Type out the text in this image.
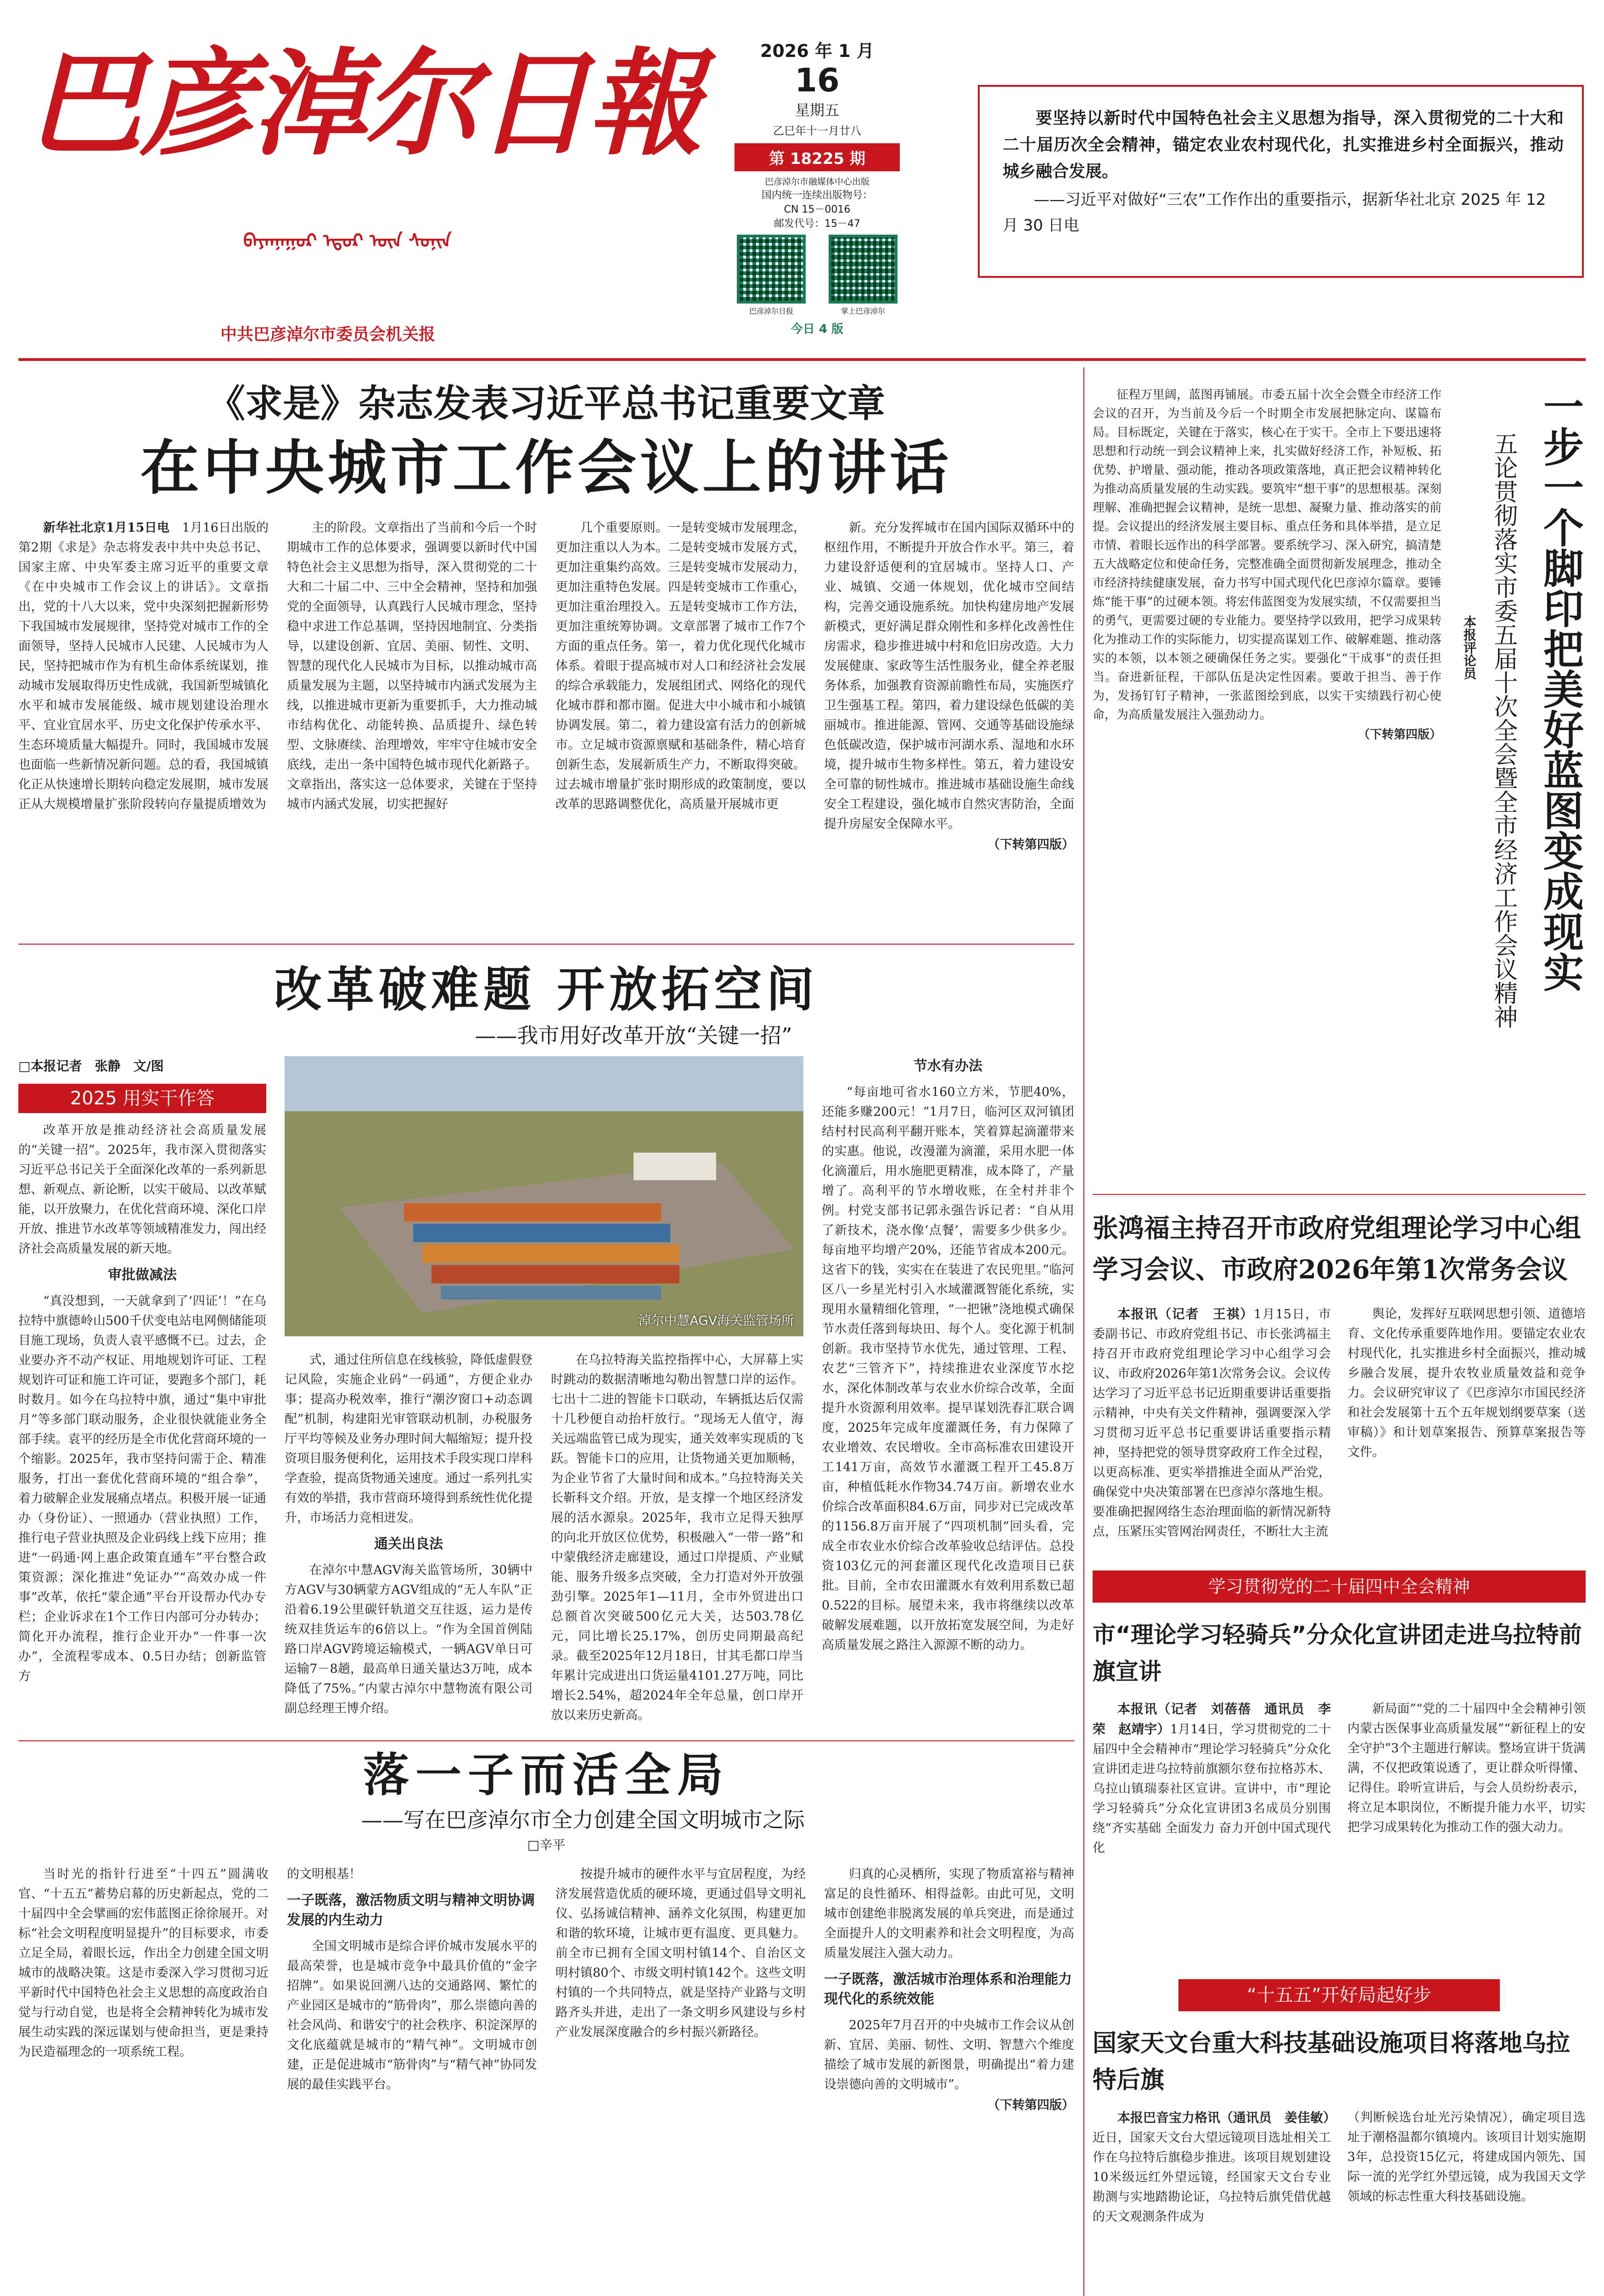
巴彦淖尔日報
ᠪᠠᠶᠠᠨᠨᠠᠭᠤᠷ ᠡᠳᠦᠷ ᠦᠨ ᠰᠣᠨᠢᠨ
中共巴彦淖尔市委员会机关报
2026 年 1 月
16
星期五
乙巳年十一月廿八
第 18225 期
巴彦淖尔市融媒体中心出版
国内统一连续出版物号：
CN 15－0016
邮发代号：15－47
巴彦淖尔日报	掌上巴彦淖尔
今日 4 版
要坚持以新时代中国特色社会主义思想为指导，深入贯彻党的二十大和二十届历次全会精神，锚定农业农村现代化，扎实推进乡村全面振兴，推动城乡融合发展。
——习近平对做好“三农”工作作出的重要指示，据新华社北京 2025 年 12 月 30 日电
《求是》杂志发表习近平总书记重要文章
在中央城市工作会议上的讲话

新华社北京1月15日电　 1月16日出版的第2期《求是》杂志将发表中共中央总书记、国家主席、中央军委主席习近平的重要文章《在中央城市工作会议上的讲话》。文章指出，党的十八大以来，党中央深刻把握新形势下我国城市发展规律，坚持党对城市工作的全面领导，坚持人民城市人民建、人民城市为人民，坚持把城市作为有机生命体系统谋划，推动城市发展取得历史性成就，我国新型城镇化水平和城市发展能级、城市规划建设治理水平、宜业宜居水平、历史文化保护传承水平、生态环境质量大幅提升。同时，我国城市发展也面临一些新情况新问题。总的看，我国城镇化正从快速增长期转向稳定发展期，城市发展正从大规模增量扩张阶段转向存量提质增效为

主的阶段。文章指出了当前和今后一个时期城市工作的总体要求，强调要以新时代中国特色社会主义思想为指导，深入贯彻党的二十大和二十届二中、三中全会精神，坚持和加强党的全面领导，认真践行人民城市理念，坚持稳中求进工作总基调，坚持因地制宜、分类指导，以建设创新、宜居、美丽、韧性、文明、智慧的现代化人民城市为目标，以推动城市高质量发展为主题，以坚持城市内涵式发展为主线，以推进城市更新为重要抓手，大力推动城市结构优化、动能转换、品质提升、绿色转型、文脉赓续、治理增效，牢牢守住城市安全底线，走出一条中国特色城市现代化新路子。文章指出，落实这一总体要求，关键在于坚持城市内涵式发展，切实把握好

几个重要原则。一是转变城市发展理念，更加注重以人为本。二是转变城市发展方式，更加注重集约高效。三是转变城市发展动力，更加注重特色发展。四是转变城市工作重心，更加注重治理投入。五是转变城市工作方法，更加注重统筹协调。文章部署了城市工作7个方面的重点任务。第一，着力优化现代化城市体系。着眼于提高城市对人口和经济社会发展的综合承载能力，发展组团式、网络化的现代化城市群和都市圈。促进大中小城市和小城镇协调发展。第二，着力建设富有活力的创新城市。立足城市资源禀赋和基础条件，精心培育创新生态，发展新质生产力，不断取得突破。过去城市增量扩张时期形成的政策制度，要以改革的思路调整优化，高质量开展城市更

新。充分发挥城市在国内国际双循环中的枢纽作用，不断提升开放合作水平。第三，着力建设舒适便利的宜居城市。坚持人口、产业、城镇、交通一体规划，优化城市空间结构，完善交通设施系统。加快构建房地产发展新模式，更好满足群众刚性和多样化改善性住房需求，稳步推进城中村和危旧房改造。大力发展健康、家政等生活性服务业，健全养老服务体系，加强教育资源前瞻性布局，实施医疗卫生强基工程。第四，着力建设绿色低碳的美丽城市。推进能源、管网、交通等基础设施绿色低碳改造，保护城市河湖水系、湿地和水环境，提升城市生物多样性。第五，着力建设安全可靠的韧性城市。推进城市基础设施生命线安全工程建设，强化城市自然灾害防治，全面提升房屋安全保障水平。

（下转第四版）
改革破难题 开放拓空间
——我市用好改革开放“关键一招”
□本报记者　张静　文/图
2025 用实干作答
淖尔中慧AGV海关监管场所

改革开放是推动经济社会高质量发展的“关键一招”。2025年，我市深入贯彻落实习近平总书记关于全面深化改革的一系列新思想、新观点、新论断，以实干破局、以改革赋能，以开放聚力，在优化营商环境、深化口岸开放、推进节水改革等领域精准发力，闯出经济社会高质量发展的新天地。

审批做减法

“真没想到，一天就拿到了‘四证’！”在乌拉特中旗德岭山500千伏变电站电网侧储能项目施工现场，负责人袁平感慨不已。过去，企业要办齐不动产权证、用地规划许可证、工程规划许可证和施工许可证，要跑多个部门，耗时数月。如今在乌拉特中旗，通过“集中审批月”等多部门联动服务，企业很快就能业务全部手续。袁平的经历是全市优化营商环境的一个缩影。2025年，我市坚持问需于企、精准服务，打出一套优化营商环境的“组合拳”，着力破解企业发展痛点堵点。积极开展一证通办（身份证）、一照通办（营业执照）工作，推行电子营业执照及企业码线上线下应用；推进“一码通·网上惠企政策直通车”平台整合政策资源；深化推进“免证办”“高效办成一件事”改革，依托“蒙企通”平台开设帮办代办专栏；企业诉求在1个工作日内部可分办转办；简化开办流程，推行企业开办“一件事一次办”，全流程零成本、0.5日办结；创新监管方

式，通过住所信息在线核验，降低虚假登记风险，实施企业码“一码通”，方便企业办事；提高办税效率，推行“潮汐窗口+动态调配”机制，构建阳光审管联动机制，办税服务厅平均等候及业务办理时间大幅缩短；提升投资项目服务便利化，运用技术手段实现口岸科学查验，提高货物通关速度。通过一系列扎实有效的举措，我市营商环境得到系统性优化提升，市场活力竞相迸发。

通关出良法

在淖尔中慧AGV海关监管场所，30辆中方AGV与30辆蒙方AGV组成的“无人车队”正沿着6.19公里碳钎轨道交互往返，运力是传统双挂货运车的6倍以上。“作为全国首例陆路口岸AGV跨境运输模式，一辆AGV单日可运输7－8趟，最高单日通关量达3万吨，成本降低了75%。”内蒙古淖尔中慧物流有限公司副总经理王博介绍。

在乌拉特海关监控指挥中心，大屏幕上实时跳动的数据清晰地勾勒出智慧口岸的运作。七出十二进的智能卡口联动，车辆抵达后仅需十几秒便自动抬杆放行。“现场无人值守，海关远端监管已成为现实，通关效率实现质的飞跃。智能卡口的应用，让货物通关更加顺畅，为企业节省了大量时间和成本。”乌拉特海关关长靳科文介绍。开放，是支撑一个地区经济发展的活水源泉。2025年，我市立足得天独厚的向北开放区位优势，积极融入“一带一路”和中蒙俄经济走廊建设，通过口岸提质、产业赋能、服务升级多点突破，全力打造对外开放强劲引擎。2025年1—11月，全市外贸进出口总额首次突破500亿元大关，达503.78亿元，同比增长25.17%，创历史同期最高纪录。截至2025年12月18日，甘其毛都口岸当年累计完成进出口货运量4101.27万吨，同比增长2.54%，超2024年全年总量，创口岸开放以来历史新高。

节水有办法

“每亩地可省水160立方米，节肥40%，还能多赚200元！”1月7日，临河区双河镇团结村村民高利平翻开账本，笑着算起滴灌带来的实惠。他说，改漫灌为滴灌，采用水肥一体化滴灌后，用水施肥更精准，成本降了，产量增了。高利平的节水增收账，在全村并非个例。村党支部书记郭永强告诉记者：“自从用了新技术，浇水像‘点餐’，需要多少供多少。每亩地平均增产20%，还能节省成本200元。这省下的钱，实实在在装进了农民兜里。”临河区八一乡星光村引入水域灌溉智能化系统，实现用水量精细化管理，“一把锹”浇地模式确保节水责任落到每块田、每个人。变化源于机制创新。我市坚持节水优先，通过管理、工程、农艺“三管齐下”，持续推进农业深度节水挖水，深化体制改革与农业水价综合改革，全面提升水资源利用效率。提早谋划洗春汇联合调度，2025年完成年度灌溉任务，有力保障了农业增效、农民增收。全市高标准农田建设开工141万亩，高效节水灌溉工程开工45.8万亩，种植低耗水作物34.74万亩。新增农业水价综合改革面积84.6万亩，同步对已完成改革的1156.8万亩开展了“四项机制”回头看，完成全市农业水价综合改革验收总结评估。总投资103亿元的河套灌区现代化改造项目已获批。目前，全市农田灌溉水有效利用系数已超0.522的目标。展望未来，我市将继续以改革破解发展难题，以开放拓宽发展空间，为走好高质量发展之路注入源源不断的动力。

落一子而活全局
——写在巴彦淖尔市全力创建全国文明城市之际
□辛平

当时光的指针行进至“十四五”圆满收官、“十五五”蓄势启幕的历史新起点，党的二十届四中全会擘画的宏伟蓝图正徐徐展开。对标“社会文明程度明显提升”的目标要求，市委立足全局，着眼长远，作出全力创建全国文明城市的战略决策。这是市委深入学习贯彻习近平新时代中国特色社会主义思想的高度政治自觉与行动自觉，也是将全会精神转化为城市发展生动实践的深远谋划与使命担当，更是秉持为民造福理念的一项系统工程。

的文明根基！

一子既落，激活物质文明与精神文明协调发展的内生动力

全国文明城市是综合评价城市发展水平的最高荣誉，也是城市竞争中最具价值的“金字招牌”。如果说回溯八达的交通路网、繁忙的产业园区是城市的“筋骨肉”，那么崇德向善的社会风尚、和谐安宁的社会秩序、积淀深厚的文化底蕴就是城市的“精气神”。文明城市创建，正是促进城市“筋骨肉”与“精气神”协同发展的最佳实践平台。

按提升城市的硬件水平与宜居程度，为经济发展营造优质的硬环境，更通过倡导文明礼仪、弘扬诚信精神、涵养文化氛围，构建更加和谐的软环境，让城市更有温度、更具魅力。前全市已拥有全国文明村镇14个、自治区文明村镇80个、市级文明村镇142个。这些文明村镇的一个共同特点，就是坚持产业路与文明路齐头并进，走出了一条文明乡风建设与乡村产业发展深度融合的乡村振兴新路径。

归真的心灵栖所，实现了物质富裕与精神富足的良性循环、相得益彰。由此可见，文明城市创建绝非脱离发展的单兵突进，而是通过全面提升人的文明素养和社会文明程度，为高质量发展注入强大动力。

一子既落，激活城市治理体系和治理能力现代化的系统效能

2025年7月召开的中央城市工作会议从创新、宜居、美丽、韧性、文明、智慧六个维度描绘了城市发展的新图景，明确提出“着力建设崇德向善的文明城市”。

（下转第四版）

征程万里阔，蓝图再铺展。市委五届十次全会暨全市经济工作会议的召开，为当前及今后一个时期全市发展把脉定向、谋篇布局。目标既定，关键在于落实，核心在于实干。全市上下要迅速将思想和行动统一到会议精神上来，扎实做好经济工作，补短板、拓优势、护增量、强动能，推动各项政策落地，真正把会议精神转化为推动高质量发展的生动实践。要筑牢“想干事”的思想根基。深刻理解、准确把握会议精神，是统一思想、凝聚力量、推动落实的前提。会议提出的经济发展主要目标、重点任务和具体举措，是立足市情、着眼长远作出的科学部署。要系统学习、深入研究，搞清楚五大战略定位和使命任务，完整准确全面贯彻新发展理念，推动全市经济持续健康发展，奋力书写中国式现代化巴彦淖尔篇章。要锤炼“能干事”的过硬本领。将宏伟蓝图变为发展实绩，不仅需要担当的勇气，更需要过硬的专业能力。要坚持学以致用，把学习成果转化为推动工作的实际能力，切实提高谋划工作、破解难题、推动落实的本领，以本领之硬确保任务之实。要强化“干成事”的责任担当。奋进新征程，干部队伍是决定性因素。要敢于担当、善于作为，发扬钉钉子精神，一张蓝图绘到底，以实干实绩践行初心使命，为高质量发展注入强劲动力。

（下转第四版） 一步一个脚印把美好蓝图变成现实
五论贯彻落实市委五届十次全会暨全市经济工作会议精神
本报评论员
张鸿福主持召开市政府党组理论学习中心组学习会议、市政府2026年第1次常务会议

本报讯（记者　王祺）1月15日，市委副书记、市政府党组书记、市长张鸿福主持召开市政府党组理论学习中心组学习会议、市政府2026年第1次常务会议。会议传达学习了习近平总书记近期重要讲话重要指示精神，中央有关文件精神，强调要深入学习贯彻习近平总书记重要讲话重要指示精神，坚持把党的领导贯穿政府工作全过程，以更高标准、更实举措推进全面从严治党，确保党中央决策部署在巴彦淖尔落地生根。要准确把握网络生态治理面临的新情况新特点，压紧压实管网治网责任，不断壮大主流

舆论，发挥好互联网思想引领、道德培育、文化传承重要阵地作用。要锚定农业农村现代化，扎实推进乡村全面振兴，推动城乡融合发展，提升农牧业质量效益和竞争力。会议研究审议了《巴彦淖尔市国民经济和社会发展第十五个五年规划纲要草案（送审稿）》和计划草案报告、预算草案报告等文件。

学习贯彻党的二十届四中全会精神
市“理论学习轻骑兵”分众化宣讲团走进乌拉特前旗宣讲

本报讯（记者　刘蓓蓓　通讯员　李荣　赵靖宇）1月14日，学习贯彻党的二十届四中全会精神市“理论学习轻骑兵”分众化宣讲团走进乌拉特前旗额尔登布拉格苏木、乌拉山镇瑞泰社区宣讲。宣讲中，市“理论学习轻骑兵”分众化宣讲团3名成员分别围绕“齐实基础 全面发力 奋力开创中国式现代化

新局面”“党的二十届四中全会精神引领内蒙古医保事业高质量发展”“新征程上的安全守护”3个主题进行解读。整场宣讲干货满满，不仅把政策说透了，更让群众听得懂、记得住。聆听宣讲后，与会人员纷纷表示，将立足本职岗位，不断提升能力水平，切实把学习成果转化为推动工作的强大动力。

“十五五”开好局起好步
国家天文台重大科技基础设施项目将落地乌拉特后旗

本报巴音宝力格讯（通讯员　姜佳敏）近日，国家天文台大望远镜项目选址相关工作在乌拉特后旗稳步推进。该项目规划建设10米级远红外望远镜，经国家天文台专业勘测与实地踏勘论证，乌拉特后旗凭借优越的天文观测条件成为

（判断候选台址光污染情况），确定项目选址于潮格温都尔镇境内。该项目计划实施期3年，总投资15亿元，将建成国内领先、国际一流的光学红外望远镜，成为我国天文学领域的标志性重大科技基础设施。
